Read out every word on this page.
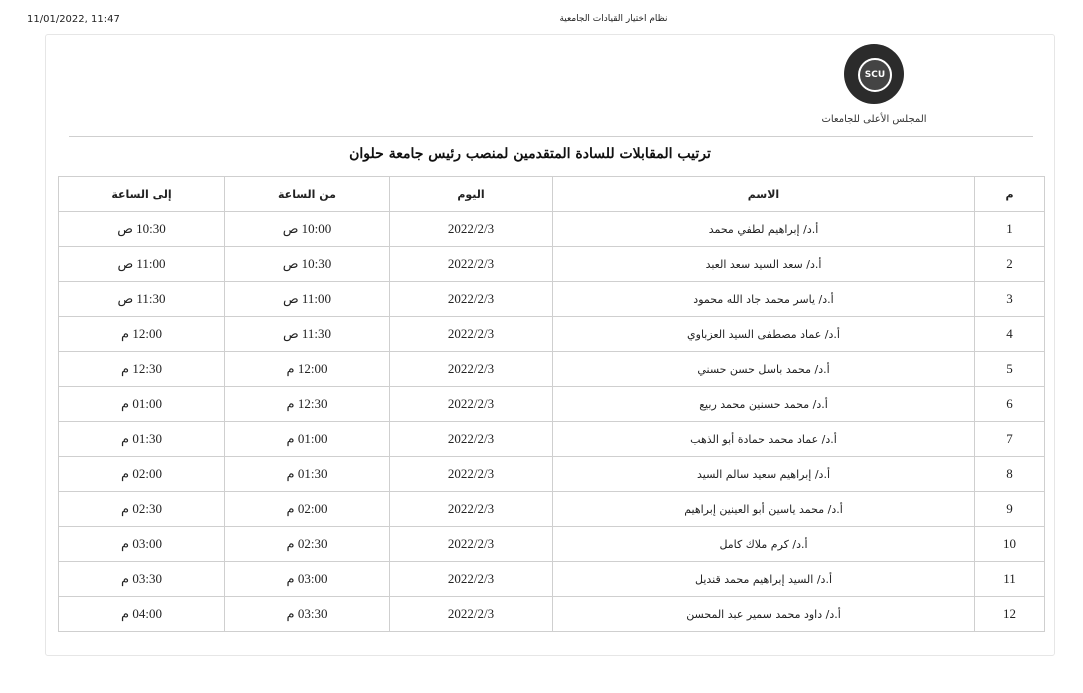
11/01/2022, 11:47	نظام اختيار القيادات الجامعية
SCU
المجلس الأعلى للجامعات
ترتيب المقابلات للسادة المتقدمين لمنصب رئيس جامعة حلوان
م	الاسم	اليوم	من الساعة	إلى الساعة
1	أ.د/ إبراهيم لطفي محمد	2022/2/3	10:00 ص	10:30 ص
2	أ.د/ سعد السيد سعد العبد	2022/2/3	10:30 ص	11:00 ص
3	أ.د/ ياسر محمد جاد الله محمود	2022/2/3	11:00 ص	11:30 ص
4	أ.د/ عماد مصطفى السيد العزباوي	2022/2/3	11:30 ص	12:00 م
5	أ.د/ محمد باسل حسن حسني	2022/2/3	12:00 م	12:30 م
6	أ.د/ محمد حسنين محمد ربيع	2022/2/3	12:30 م	01:00 م
7	أ.د/ عماد محمد حمادة أبو الذهب	2022/2/3	01:00 م	01:30 م
8	أ.د/ إبراهيم سعيد سالم السيد	2022/2/3	01:30 م	02:00 م
9	أ.د/ محمد ياسين أبو العينين إبراهيم	2022/2/3	02:00 م	02:30 م
10	أ.د/ كرم ملاك كامل	2022/2/3	02:30 م	03:00 م
11	أ.د/ السيد إبراهيم محمد قنديل	2022/2/3	03:00 م	03:30 م
12	أ.د/ داود محمد سمير عبد المحسن	2022/2/3	03:30 م	04:00 م
